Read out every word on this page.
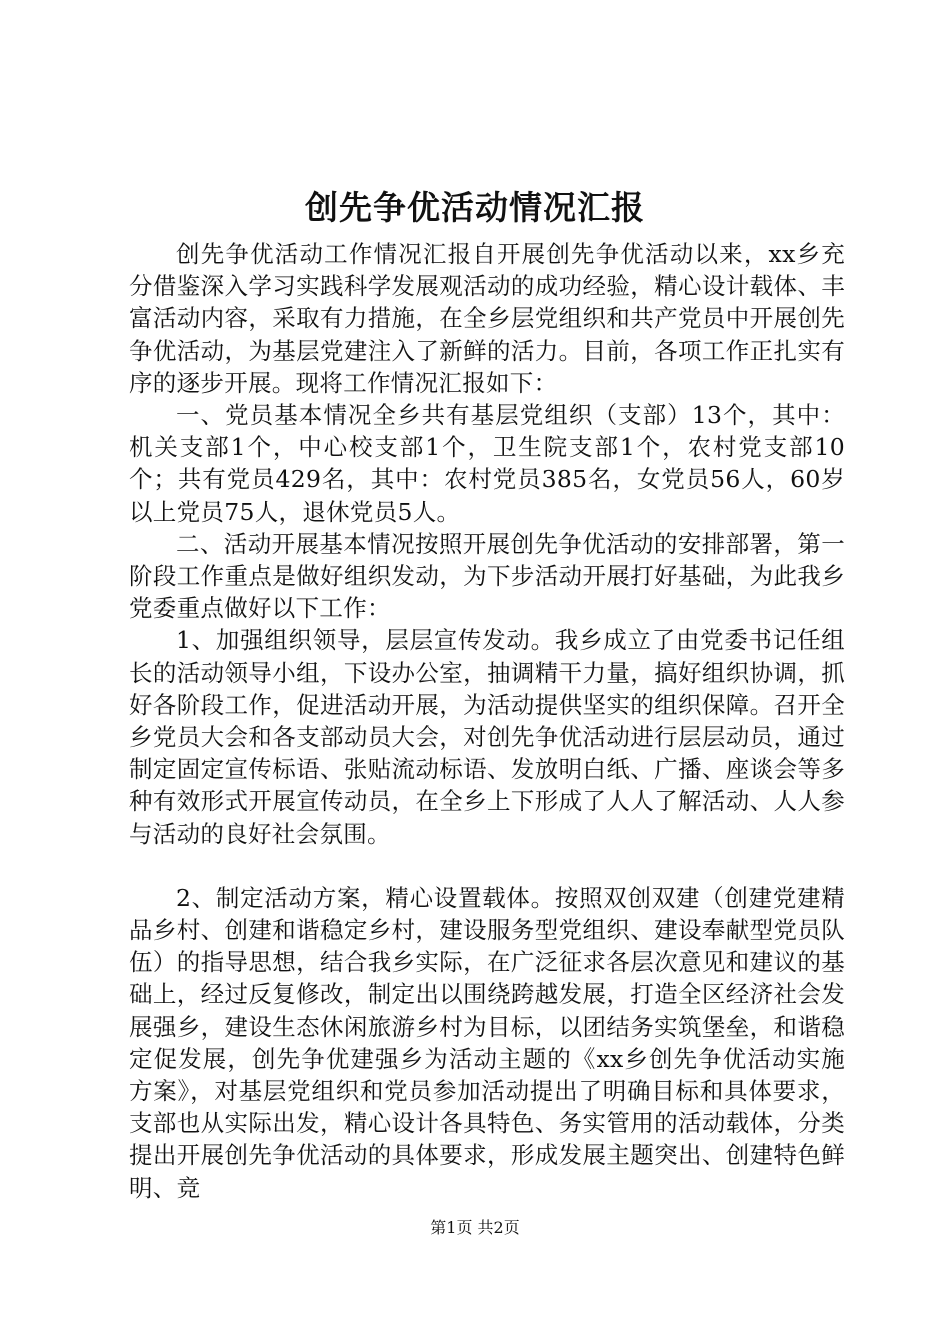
创先争优活动情况汇报

创先争优活动工作情况汇报自开展创先争优活动以来，xx乡充分借鉴深入学习实践科学发展观活动的成功经验，精心设计载体、丰富活动内容，采取有力措施，在全乡层党组织和共产党员中开展创先争优活动，为基层党建注入了新鲜的活力。目前，各项工作正扎实有序的逐步开展。现将工作情况汇报如下：

一、党员基本情况全乡共有基层党组织（支部）13个，其中：机关支部1个，中心校支部1个，卫生院支部1个，农村党支部10个；共有党员429名，其中：农村党员385名，女党员56人，60岁以上党员75人，退休党员5人。

二、活动开展基本情况按照开展创先争优活动的安排部署，第一阶段工作重点是做好组织发动，为下步活动开展打好基础，为此我乡党委重点做好以下工作：

1、加强组织领导，层层宣传发动。我乡成立了由党委书记任组长的活动领导小组，下设办公室，抽调精干力量，搞好组织协调，抓好各阶段工作，促进活动开展，为活动提供坚实的组织保障。召开全乡党员大会和各支部动员大会，对创先争优活动进行层层动员，通过制定固定宣传标语、张贴流动标语、发放明白纸、广播、座谈会等多种有效形式开展宣传动员，在全乡上下形成了人人了解活动、人人参与活动的良好社会氛围。

2、制定活动方案，精心设置载体。按照双创双建（创建党建精品乡村、创建和谐稳定乡村，建设服务型党组织、建设奉献型党员队伍）的指导思想，结合我乡实际，在广泛征求各层次意见和建议的基础上，经过反复修改，制定出以围绕跨越发展，打造全区经济社会发展强乡，建设生态休闲旅游乡村为目标，以团结务实筑堡垒，和谐稳定促发展，创先争优建强乡为活动主题的《xx乡创先争优活动实施方案》，对基层党组织和党员参加活动提出了明确目标和具体要求，支部也从实际出发，精心设计各具特色、务实管用的活动载体，分类提出开展创先争优活动的具体要求，形成发展主题突出、创建特色鲜明、竞

第1页 共2页
